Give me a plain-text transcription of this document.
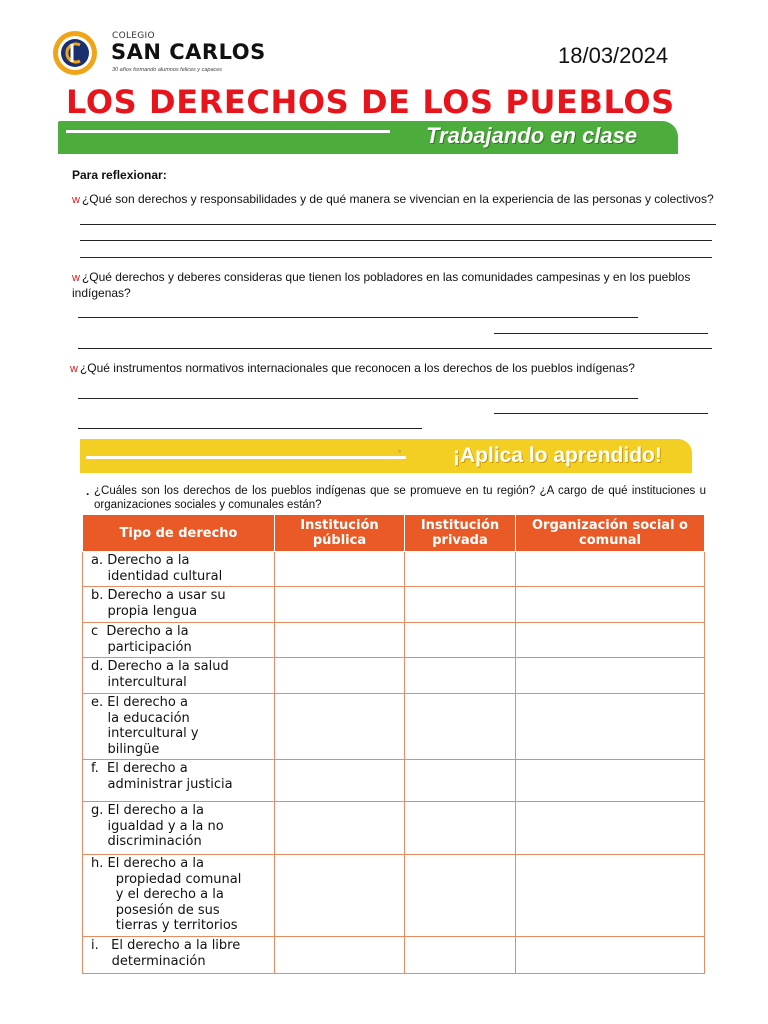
COLEGIO
SAN CARLOS
30 años formando alumnos felices y capaces
18/03/2024
LOS DERECHOS DE LOS PUEBLOS
Trabajando en clase
Para reflexionar:
w ¿Qué son derechos y responsabilidades y de qué manera se vivencian en la experiencia de las personas y colectivos?
w ¿Qué derechos y deberes consideras que tienen los pobladores en las comunidades campesinas y en los pueblos indígenas?
w ¿Qué instrumentos normativos internacionales que reconocen a los derechos de los pueblos indígenas?
° ¡Aplica lo aprendido!
. ¿Cuáles son los derechos de los pueblos indígenas que se promueve en tu región? ¿A cargo de qué instituciones u organizaciones sociales y comunales están?
Tipo de derecho	Institución pública	Institución privada	Organización social o comunal
a. Derecho a la
identidad cultural			
b. Derecho a usar su
propia lengua			
c  Derecho a la
participación			
d. Derecho a la salud
intercultural			
e. El derecho a
la educación
intercultural y
bilingüe			
f.  El derecho a
administrar justicia			
g. El derecho a la
igualdad y a la no
discriminación			
h. El derecho a la
propiedad comunal
y el derecho a la
posesión de sus
tierras y territorios			
i.   El derecho a la libre
determinación			
